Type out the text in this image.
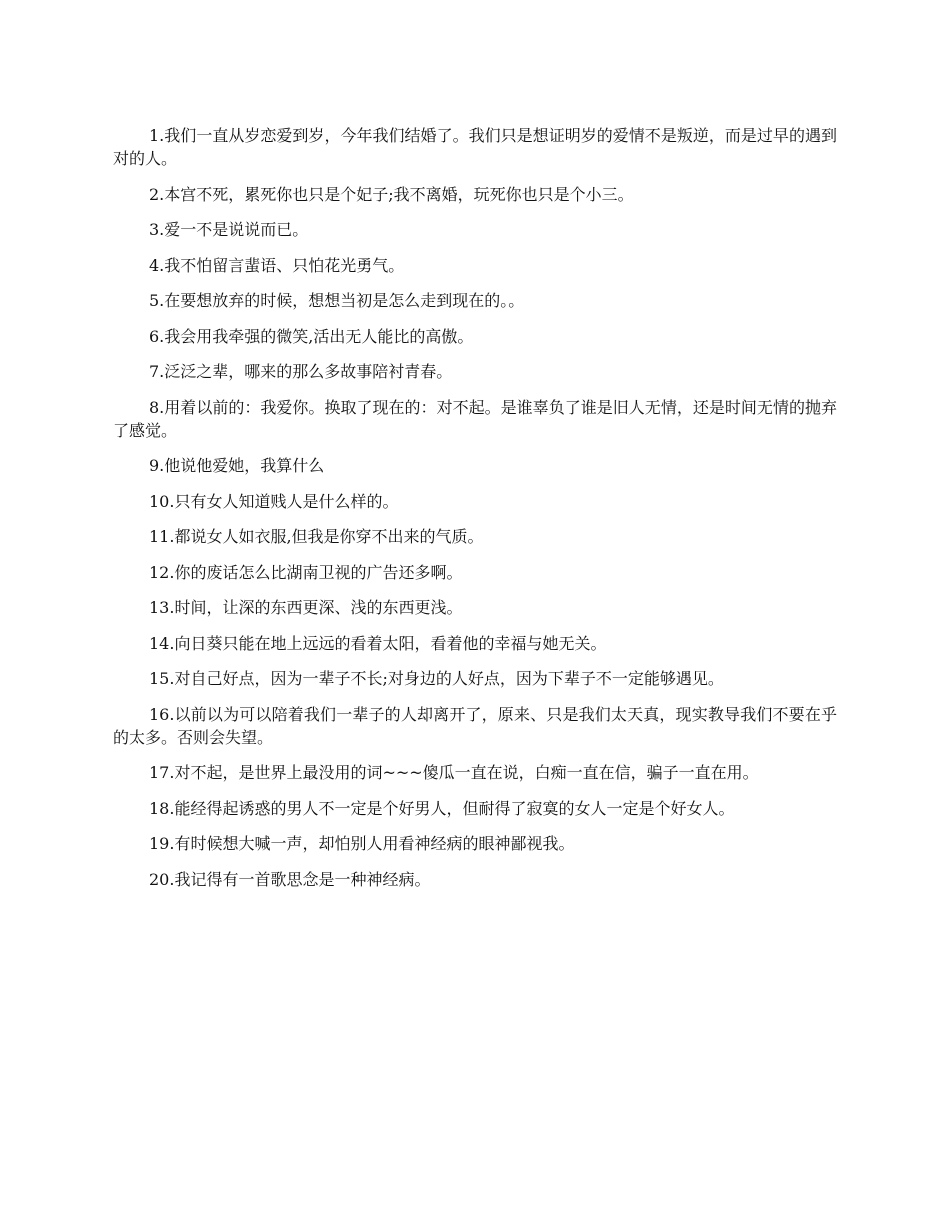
1.我们一直从岁恋爱到岁，今年我们结婚了。我们只是想证明岁的爱情不是叛逆，而是过早的遇到对的人。

2.本宫不死，累死你也只是个妃子;我不离婚，玩死你也只是个小三。

3.爱一不是说说而已。

4.我不怕留言蜚语、只怕花光勇气。

5.在要想放弃的时候，想想当初是怎么走到现在的。。

6.我会用我牵强的微笑,活出无人能比的高傲。

7.泛泛之辈，哪来的那么多故事陪衬青春。

8.用着以前的：我爱你。换取了现在的：对不起。是谁辜负了谁是旧人无情，还是时间无情的抛弃了感觉。

9.他说他爱她，我算什么

10.只有女人知道贱人是什么样的。

11.都说女人如衣服,但我是你穿不出来的气质。

12.你的废话怎么比湖南卫视的广告还多啊。

13.时间，让深的东西更深、浅的东西更浅。

14.向日葵只能在地上远远的看着太阳，看着他的幸福与她无关。

15.对自己好点，因为一辈子不长;对身边的人好点，因为下辈子不一定能够遇见。

16.以前以为可以陪着我们一辈子的人却离开了，原来、只是我们太天真，现实教导我们不要在乎的太多。否则会失望。

17.对不起，是世界上最没用的词~~~傻瓜一直在说，白痴一直在信，骗子一直在用。

18.能经得起诱惑的男人不一定是个好男人，但耐得了寂寞的女人一定是个好女人。

19.有时候想大喊一声，却怕别人用看神经病的眼神鄙视我。

20.我记得有一首歌思念是一种神经病。
